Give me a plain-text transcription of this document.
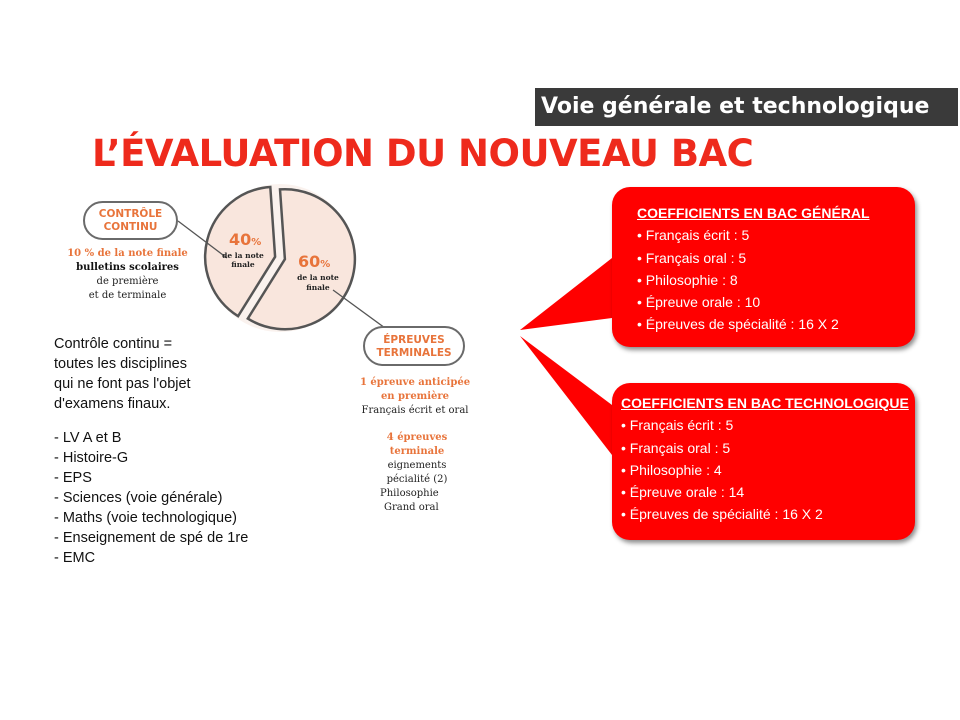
Voie générale et technologique
L’ÉVALUATION DU NOUVEAU BAC
40%
de la note
finale	60%
de la note
finale
CONTRÔLE
CONTINU
10 % de la note finale
bulletins scolaires
de première
et de terminale
ÉPREUVES
TERMINALES
1 épreuve anticipée
en première
Français écrit et oral
4 épreuves
terminale
eignements
pécialité (2)
Philosophie
Grand oral
Contrôle continu =
toutes les disciplines
qui ne font pas l'objet
d'examens finaux.
- LV A et B
- Histoire-G
- EPS
- Sciences (voie générale)
- Maths (voie technologique)
- Enseignement de spé de 1re
- EMC
COEFFICIENTS EN BAC GÉNÉRAL
• Français écrit : 5
• Français oral : 5
• Philosophie : 8
• Épreuve orale : 10
• Épreuves de spécialité : 16 X 2
COEFFICIENTS EN BAC TECHNOLOGIQUE
• Français écrit : 5
• Français oral : 5
• Philosophie : 4
• Épreuve orale : 14
• Épreuves de spécialité : 16 X 2
